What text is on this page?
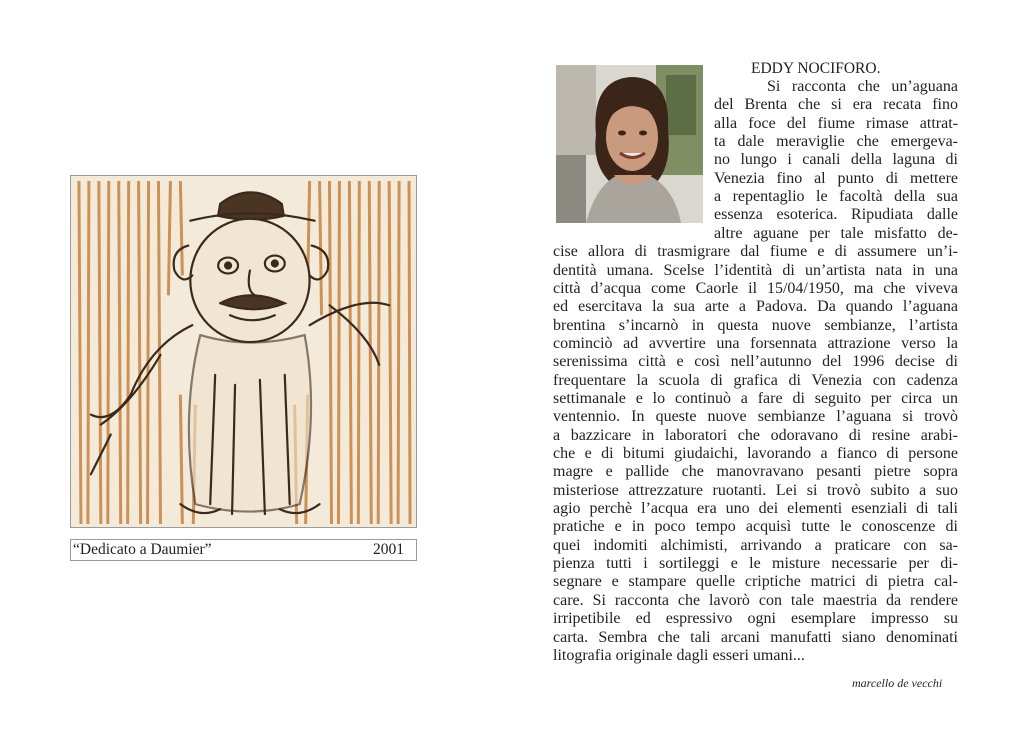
“Dedicato a Daumier”	2001
EDDY NOCIFORO.
Si racconta che un’aguana
del Brenta che si era recata fino
alla foce del fiume rimase attrat-
ta dale meraviglie che emergeva-
no lungo i canali della laguna di
Venezia fino al punto di mettere
a repentaglio le facoltà della sua
essenza esoterica. Ripudiata dalle
altre aguane per tale misfatto de-
cise allora di trasmigrare dal fiume e di assumere un’i-
dentità umana. Scelse l’identità di un’artista nata in una
città d’acqua come Caorle il 15/04/1950, ma che viveva
ed esercitava la sua arte a Padova. Da quando l’aguana
brentina s’incarnò in questa nuove sembianze, l’artista
cominciò ad avvertire una forsennata attrazione verso la
serenissima città e così nell’autunno del 1996 decise di
frequentare la scuola di grafica di Venezia con cadenza
settimanale e lo continuò a fare di seguito per circa un
ventennio. In queste nuove sembianze l’aguana si trovò
a bazzicare in laboratori che odoravano di resine arabi-
che e di bitumi giudaichi, lavorando a fianco di persone
magre e pallide che manovravano pesanti pietre sopra
misteriose attrezzature ruotanti. Lei si trovò subito a suo
agio perchè l’acqua era uno dei elementi esenziali di tali
pratiche e in poco tempo acquisì tutte le conoscenze di
quei indomiti alchimisti, arrivando a praticare con sa-
pienza tutti i sortileggi e le misture necessarie per di-
segnare e stampare quelle criptiche matrici di pietra cal-
care. Si racconta che lavorò con tale maestria da rendere
irripetibile ed espressivo ogni esemplare impresso su
carta. Sembra che tali arcani manufatti siano denominati
litografia originale dagli esseri umani...
marcello de vecchi
